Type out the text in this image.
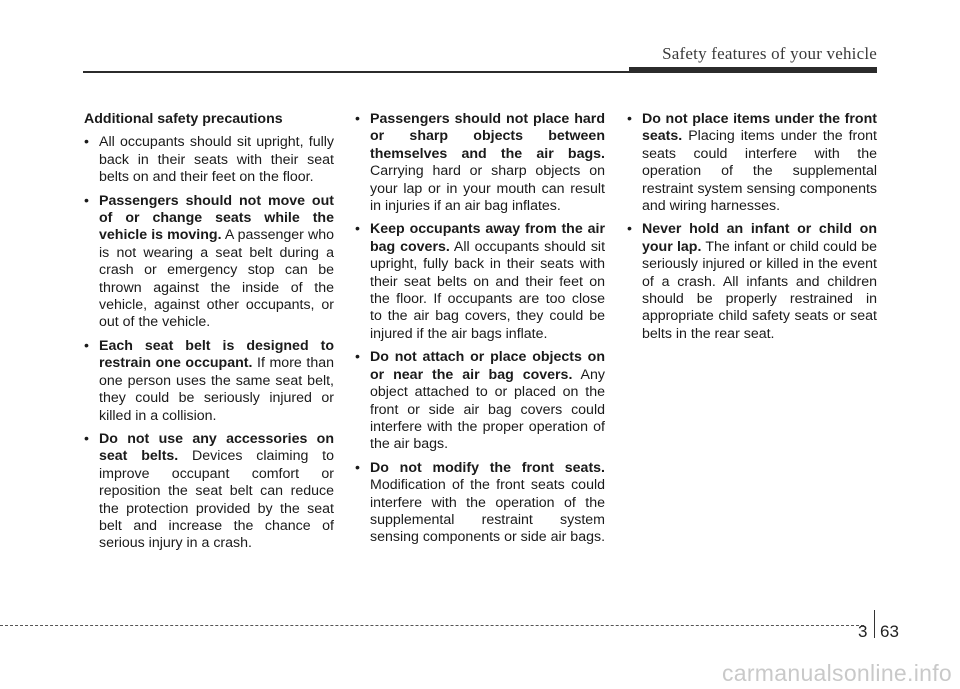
Safety features of your vehicle
Additional safety precautions
• All occupants should sit upright, fully back in their seats with their seat belts on and their feet on the floor.
• Passengers should not move out of or change seats while the vehicle is moving. A passenger who is not wearing a seat belt during a crash or emergency stop can be thrown against the inside of the vehicle, against other occupants, or out of the vehicle.
• Each seat belt is designed to restrain one occupant. If more than one person uses the same seat belt, they could be seriously injured or killed in a collision.
• Do not use any accessories on seat belts. Devices claiming to improve occupant comfort or reposition the seat belt can reduce the protection provided by the seat belt and increase the chance of serious injury in a crash.
• Passengers should not place hard or sharp objects between themselves and the air bags. Carrying hard or sharp objects on your lap or in your mouth can result in injuries if an air bag inflates.
• Keep occupants away from the air bag covers. All occupants should sit upright, fully back in their seats with their seat belts on and their feet on the floor. If occupants are too close to the air bag covers, they could be injured if the air bags inflate.
• Do not attach or place objects on or near the air bag covers. Any object attached to or placed on the front or side air bag covers could interfere with the proper operation of the air bags.
• Do not modify the front seats. Modification of the front seats could interfere with the operation of the supplemental restraint system sensing components or side air bags.
• Do not place items under the front seats. Placing items under the front seats could interfere with the operation of the supplemental restraint system sensing components and wiring harnesses.
• Never hold an infant or child on your lap. The infant or child could be seriously injured or killed in the event of a crash. All infants and children should be properly restrained in appropriate child safety seats or seat belts in the rear seat.
3 63
carmanualsonline.info
